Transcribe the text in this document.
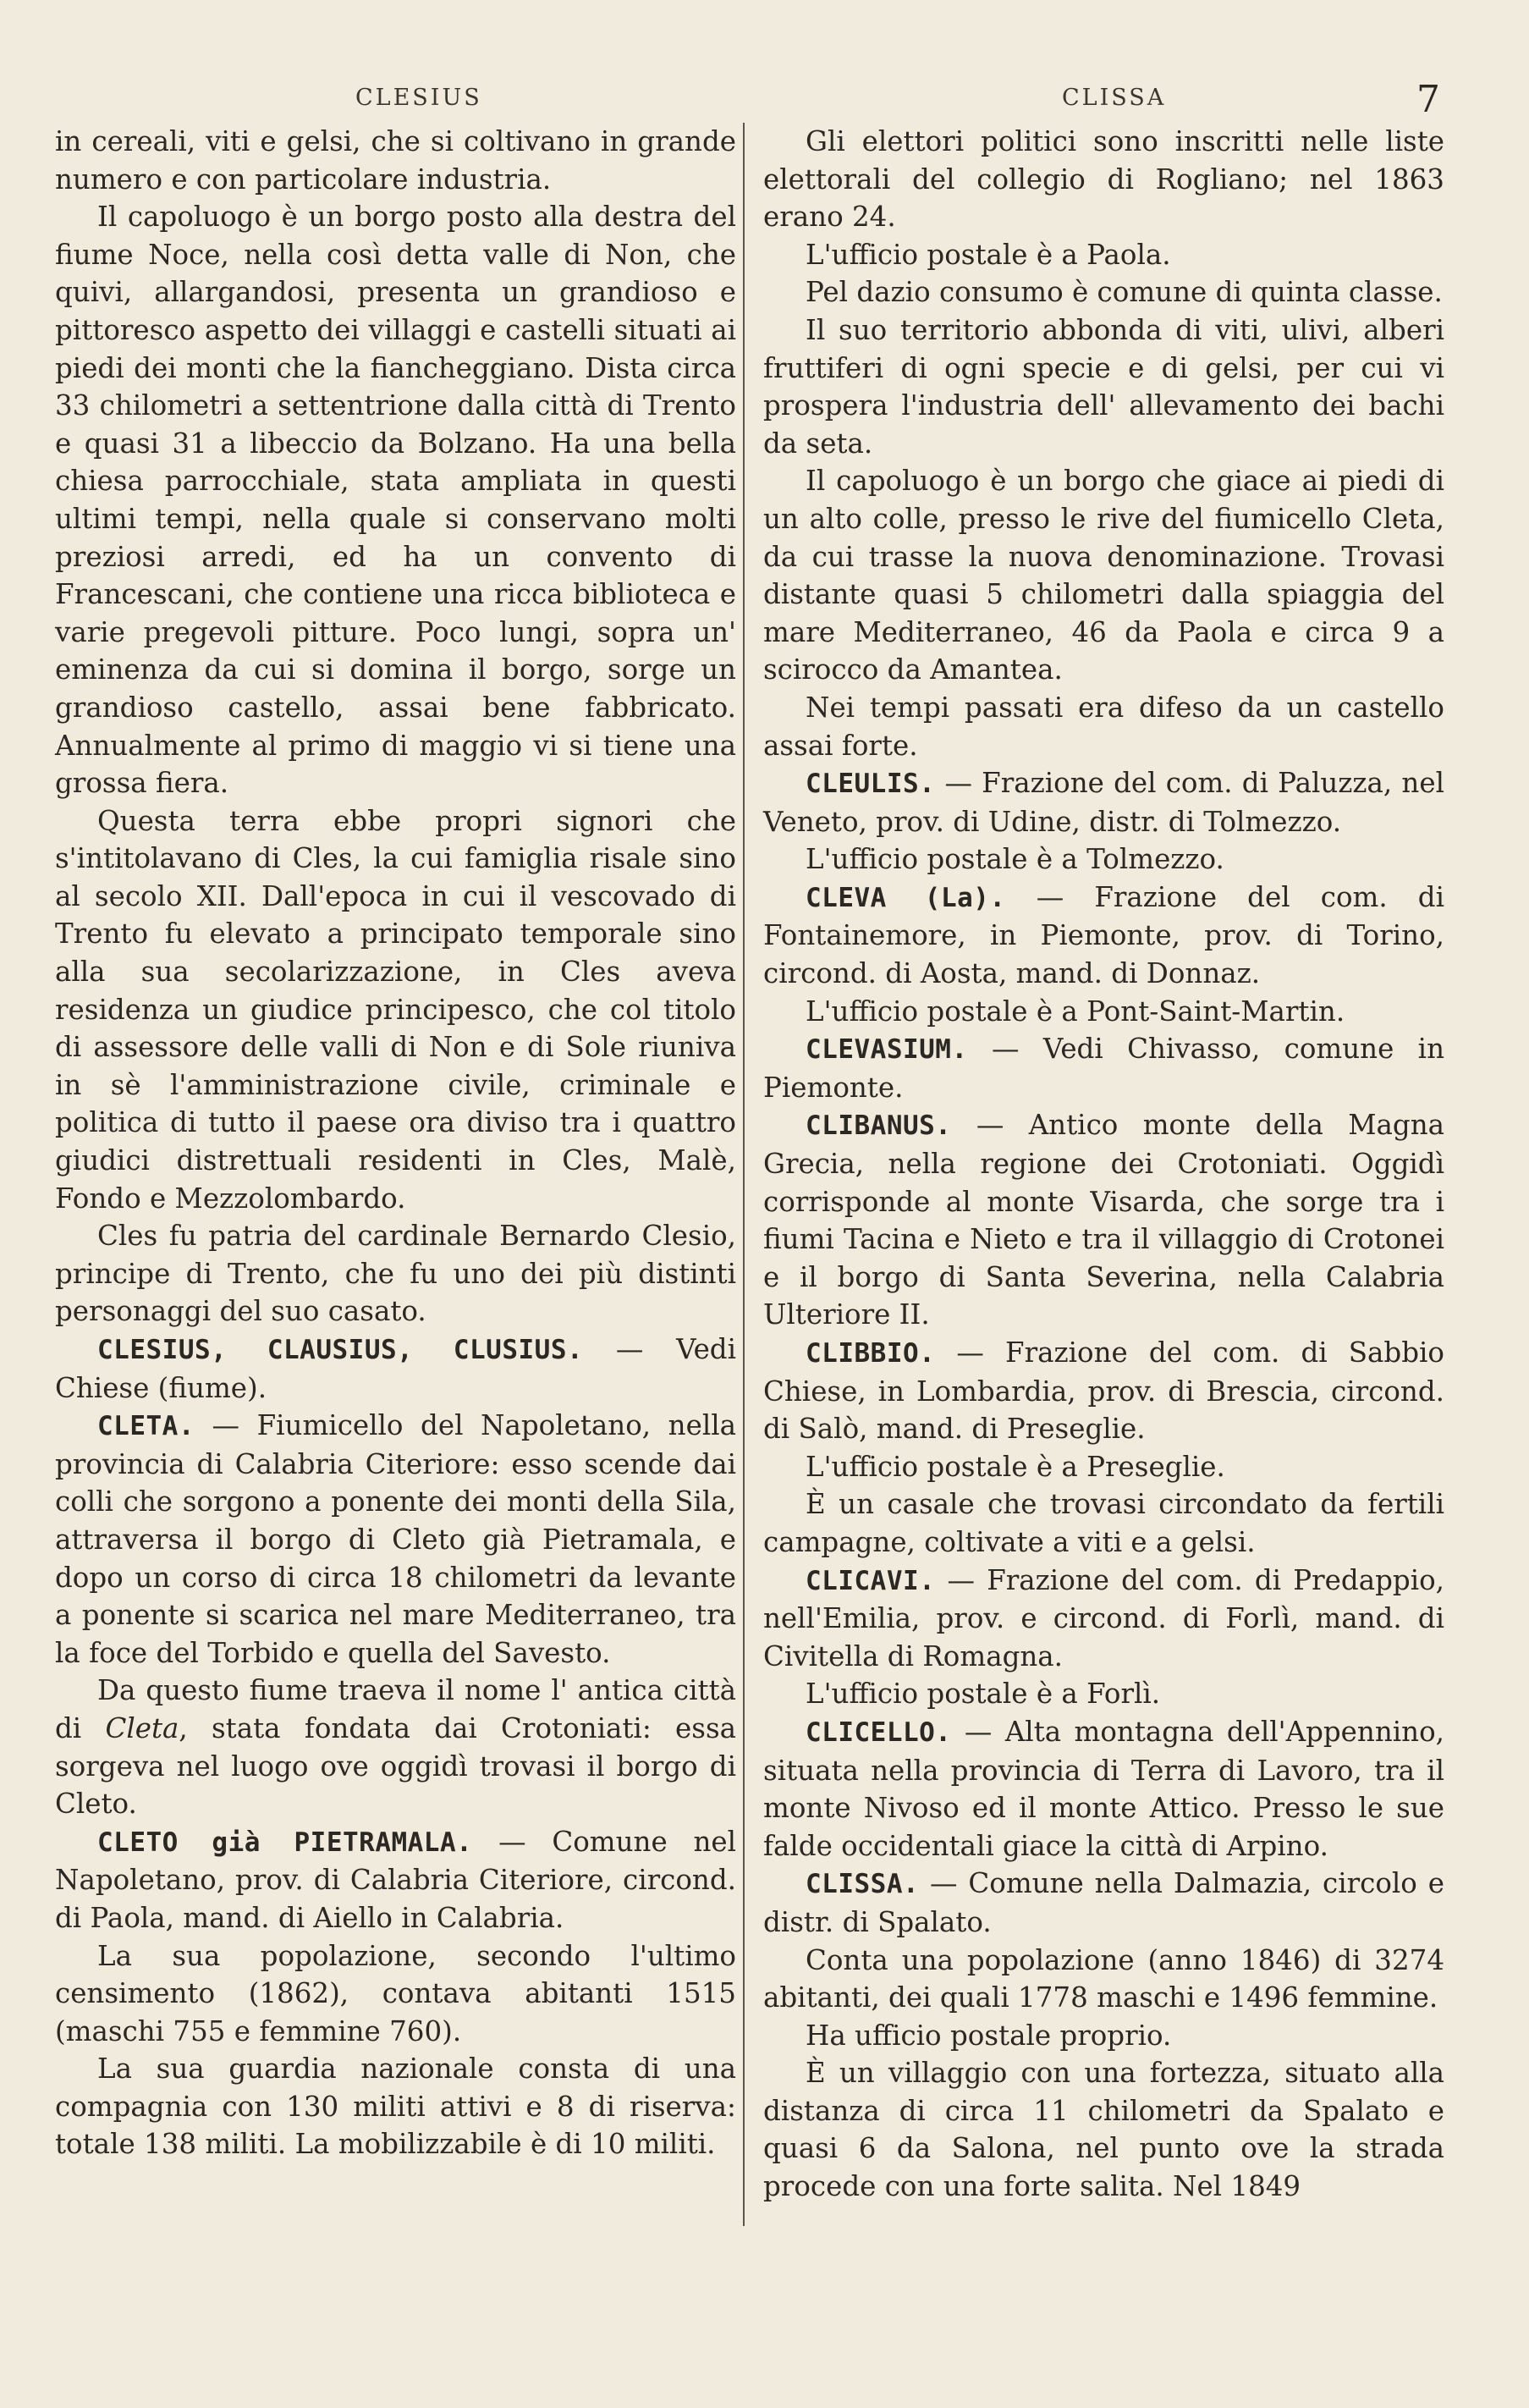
CLESIUS	CLISSA	7

in cereali, viti e gelsi, che si coltivano in grande numero e con particolare industria.

Il capoluogo è un borgo posto alla destra del fiume Noce, nella così detta valle di Non, che quivi, allargandosi, presenta un grandioso e pittoresco aspetto dei villaggi e castelli situati ai piedi dei monti che la fiancheggiano. Dista circa 33 chilometri a settentrione dalla città di Trento e quasi 31 a libeccio da Bolzano. Ha una bella chiesa parrocchiale, stata ampliata in questi ultimi tempi, nella quale si conservano molti preziosi arredi, ed ha un convento di Francescani, che contiene una ricca biblioteca e varie pregevoli pitture. Poco lungi, sopra un' eminenza da cui si domina il borgo, sorge un grandioso castello, assai bene fabbricato. Annualmente al primo di maggio vi si tiene una grossa fiera.

Questa terra ebbe propri signori che s'intitolavano di Cles, la cui famiglia risale sino al secolo XII. Dall'epoca in cui il vescovado di Trento fu elevato a principato temporale sino alla sua secolarizzazione, in Cles aveva residenza un giudice principesco, che col titolo di assessore delle valli di Non e di Sole riuniva in sè l'amministrazione civile, criminale e politica di tutto il paese ora diviso tra i quattro giudici distrettuali residenti in Cles, Malè, Fondo e Mezzolombardo.

Cles fu patria del cardinale Bernardo Clesio, principe di Trento, che fu uno dei più distinti personaggi del suo casato.

CLESIUS, CLAUSIUS, CLUSIUS. — Vedi Chiese (fiume).

CLETA. — Fiumicello del Napoletano, nella provincia di Calabria Citeriore: esso scende dai colli che sorgono a ponente dei monti della Sila, attraversa il borgo di Cleto già Pietramala, e dopo un corso di circa 18 chilometri da levante a ponente si scarica nel mare Mediterraneo, tra la foce del Torbido e quella del Savesto.

Da questo fiume traeva il nome l' antica città di Cleta, stata fondata dai Crotoniati: essa sorgeva nel luogo ove oggidì trovasi il borgo di Cleto.

CLETO già PIETRAMALA. — Comune nel Napoletano, prov. di Calabria Citeriore, circond. di Paola, mand. di Aiello in Calabria.

La sua popolazione, secondo l'ultimo censimento (1862), contava abitanti 1515 (maschi 755 e femmine 760).

La sua guardia nazionale consta di una compagnia con 130 militi attivi e 8 di riserva: totale 138 militi. La mobilizzabile è di 10 militi.

Gli elettori politici sono inscritti nelle liste elettorali del collegio di Rogliano; nel 1863 erano 24.

L'ufficio postale è a Paola.

Pel dazio consumo è comune di quinta classe.

Il suo territorio abbonda di viti, ulivi, alberi fruttiferi di ogni specie e di gelsi, per cui vi prospera l'industria dell' allevamento dei bachi da seta.

Il capoluogo è un borgo che giace ai piedi di un alto colle, presso le rive del fiumicello Cleta, da cui trasse la nuova denominazione. Trovasi distante quasi 5 chilometri dalla spiaggia del mare Mediterraneo, 46 da Paola e circa 9 a scirocco da Amantea.

Nei tempi passati era difeso da un castello assai forte.

CLEULIS. — Frazione del com. di Paluzza, nel Veneto, prov. di Udine, distr. di Tolmezzo.

L'ufficio postale è a Tolmezzo.

CLEVA (La). — Frazione del com. di Fontainemore, in Piemonte, prov. di Torino, circond. di Aosta, mand. di Donnaz.

L'ufficio postale è a Pont-Saint-Martin.

CLEVASIUM. — Vedi Chivasso, comune in Piemonte.

CLIBANUS. — Antico monte della Magna Grecia, nella regione dei Crotoniati. Oggidì corrisponde al monte Visarda, che sorge tra i fiumi Tacina e Nieto e tra il villaggio di Crotonei e il borgo di Santa Severina, nella Calabria Ulteriore II.

CLIBBIO. — Frazione del com. di Sabbio Chiese, in Lombardia, prov. di Brescia, circond. di Salò, mand. di Preseglie.

L'ufficio postale è a Preseglie.

È un casale che trovasi circondato da fertili campagne, coltivate a viti e a gelsi.

CLICAVI. — Frazione del com. di Predappio, nell'Emilia, prov. e circond. di Forlì, mand. di Civitella di Romagna.

L'ufficio postale è a Forlì.

CLICELLO. — Alta montagna dell'Appennino, situata nella provincia di Terra di Lavoro, tra il monte Nivoso ed il monte Attico. Presso le sue falde occidentali giace la città di Arpino.

CLISSA. — Comune nella Dalmazia, circolo e distr. di Spalato.

Conta una popolazione (anno 1846) di 3274 abitanti, dei quali 1778 maschi e 1496 femmine.

Ha ufficio postale proprio.

È un villaggio con una fortezza, situato alla distanza di circa 11 chilometri da Spalato e quasi 6 da Salona, nel punto ove la strada procede con una forte salita. Nel 1849
